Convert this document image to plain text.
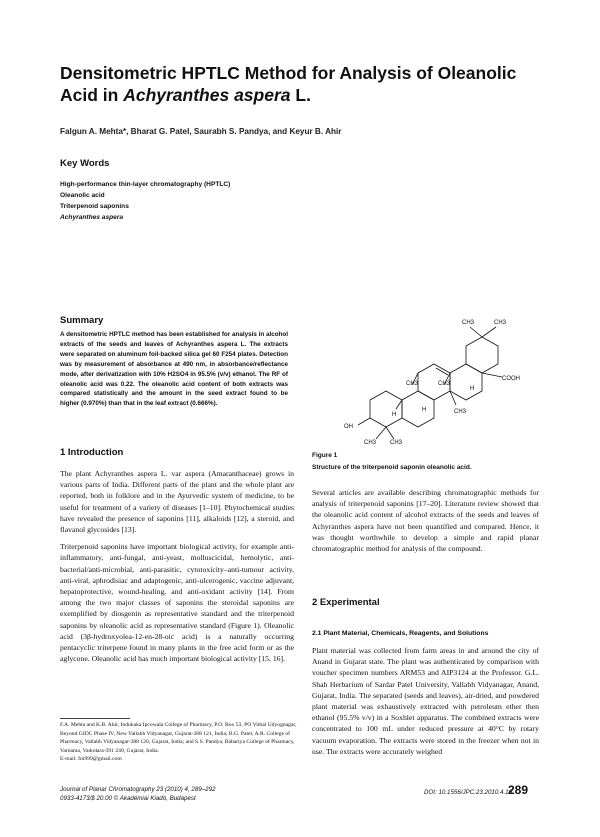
Densitometric HPTLC Method for Analysis of Oleanolic Acid in Achyranthes aspera L.
Falgun A. Mehta*, Bharat G. Patel, Saurabh S. Pandya, and Keyur B. Ahir
Key Words
High-performance thin-layer chromatography (HPTLC)
Oleanolic acid
Triterpenoid saponins
Achyranthes aspera
Summary
A densitometric HPTLC method has been established for analysis in alcohol extracts of the seeds and leaves of Achyranthes aspera L. The extracts were separated on aluminum foil-backed silica gel 60 F254 plates. Detection was by measurement of absorbance at 490 nm, in absorbance/reflectance mode, after derivatization with 10% H2SO4 in 95.5% (v/v) ethanol. The RF of oleanolic acid was 0.22. The oleanolic acid content of both extracts was compared statistically and the amount in the seed extract found to be higher (0.970%) than that in the leaf extract (0.666%).
CH3	CH3
COOH
CH3	CH3
CH3
H
H
H
OH
CH3 CH3
Figure 1
Structure of the triterpenoid saponin oleanolic acid.
1 Introduction

The plant Achyranthes aspera L. var aspera (Amaranthaceae) grows in various parts of India. Different parts of the plant and the whole plant are reported, both in folklore and in the Ayurvedic system of medicine, to be useful for treatment of a variety of diseases [1–10]. Phytochemical studies have revealed the presence of saponins [11], alkaloids [12], a steroid, and flavanol glycosides [13].

Triterpenoid saponins have important biological activity, for example anti-inflammatory, anti-fungal, anti-yeast, molluscicidal, hemolytic, anti-bacterial/anti-microbial, anti-parasitic, cytotoxicity–anti-tumour activity, anti-viral, aphrodisiac and adaptogenic, anti-ulcerogenic, vaccine adjuvant, hepatoprotective, wound-healing, and anti-oxidant activity [14]. From among the two major classes of saponins the steroidal saponins are exemplified by diosgenin as representative standard and the triterpenoid saponins by oleanolic acid as representative standard (Figure 1). Oleanolic acid (3β-hydroxyolea-12-en-28-oic acid) is a naturally occurring pentacyclic triterpene found in many plants in the free acid form or as the aglycone. Oleanolic acid has much important biological activity [15, 16].

Several articles are available describing chromatographic methods for analysis of triterpenoid saponins [17–20]. Literature review showed that the oleanolic acid content of alcohol extracts of the seeds and leaves of Achyranthes aspera have not been quantified and compared. Hence, it was thought worthwhile to develop a simple and rapid planar chromatographic method for analysis of the compound.

2 Experimental
2.1 Plant Material, Chemicals, Reagents, and Solutions

Plant material was collected from farm areas in and around the city of Anand in Gujarat state. The plant was authenticated by comparison with voucher specimen numbers ARM53 and AIP3124 at the Professor. G.L. Shah Herbarium of Sardar Patel University, Vallabh Vidyanagar, Anand, Gujarat, India. The separated (seeds and leaves), air-dried, and powdered plant material was exhaustively extracted with petroleum ether then ethanol (95.5% v/v) in a Soxhlet apparatus. The combined extracts were concentrated to 100 mL under reduced pressure at 40°C by rotary vacuum evaporation. The extracts were stored in the freezer when not in use. The extracts were accurately weighed

F.A. Mehta and K.B. Ahir, Indukaka Ipcowala College of Pharmacy, P.O. Box 53, PO Vithal Udyognagar, Beyond GIDC Phase IV, New Vallabh Vidyanagar, Gujarat-388 121, India; B.G. Patel, A.R. College of Pharmacy, Vallabh Vidyanagar-388 120, Gujarat, India; and S.S. Pandya, Babariya College of Pharmacy, Varnama, Vadodara-391 240, Gujarat, India.
E-mail: fm999@gmail.com
Journal of Planar Chromatography 23 (2010) 4, 289–292
0933-4173/$ 20.00 © Akadémiai Kiadó, Budapest
DOI: 10.1556/JPC.23.2010.4.10
289
